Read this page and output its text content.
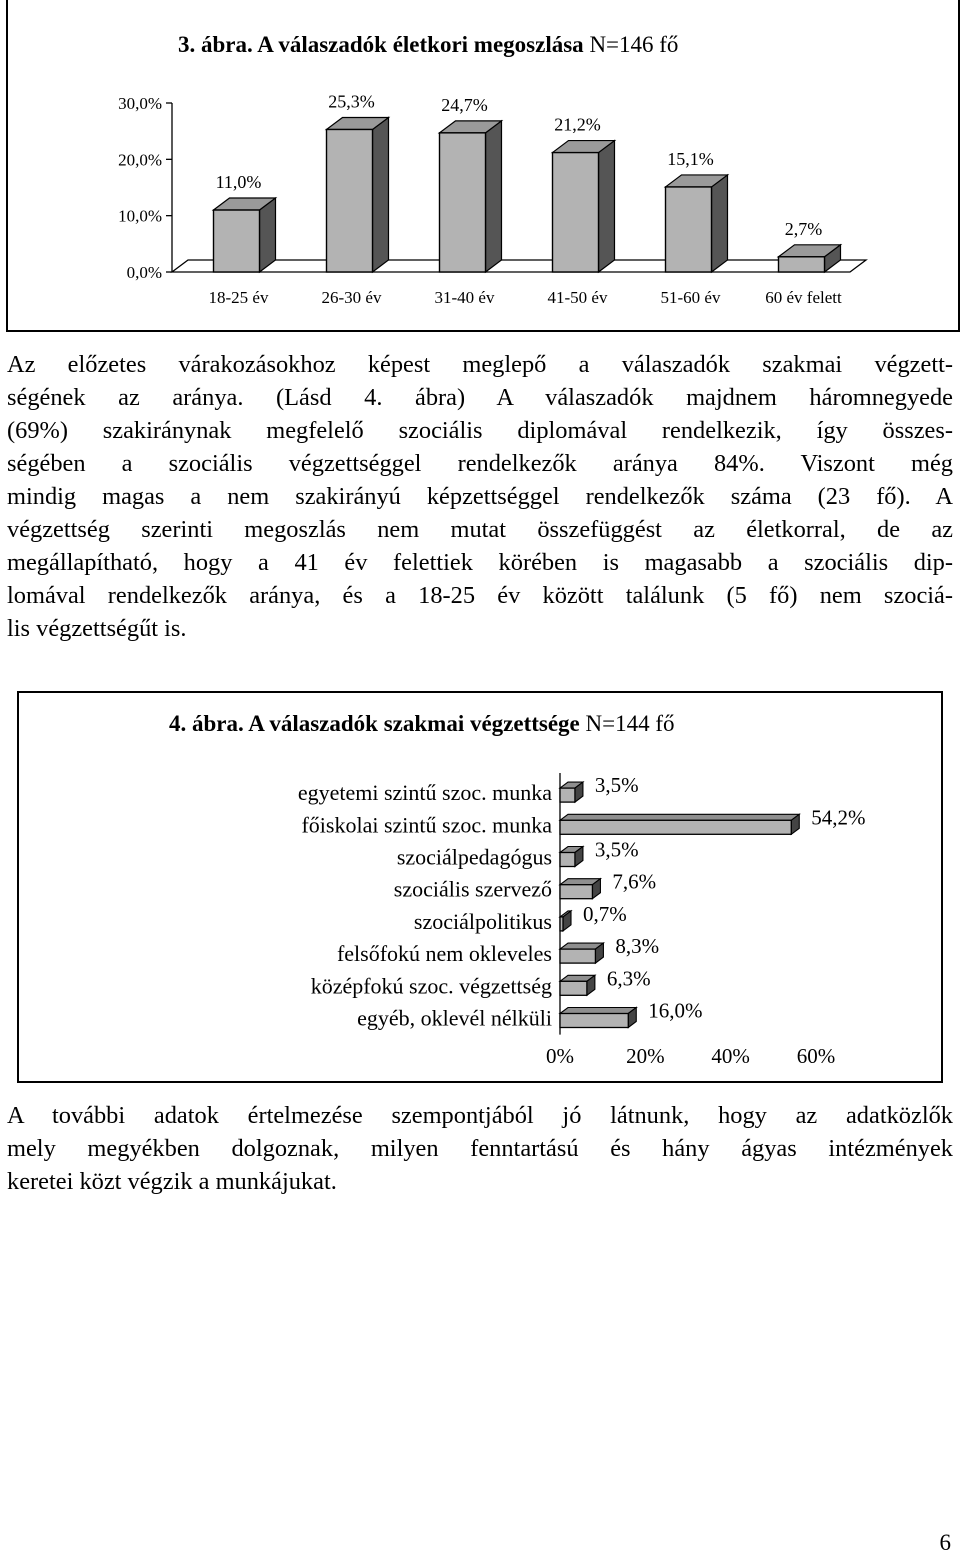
3. ábra. A válaszadók életkori megoszlása N=146 fő
0,0%
10,0%
20,0%
30,0%
11,0%
18-25 év
25,3%
26-30 év
24,7%
31-40 év
21,2%
41-50 év
15,1%
51-60 év
2,7%
60 év felett
Az előzetes várakozásokhoz képest meglepő a válaszadók szakmai végzett-
ségének az aránya. (Lásd 4. ábra) A válaszadók majdnem háromnegyede
(69%) szakiránynak megfelelő szociális diplomával rendelkezik, így összes-
ségében a szociális végzettséggel rendelkezők aránya 84%. Viszont még
mindig magas a nem szakirányú képzettséggel rendelkezők száma (23 fő). A
végzettség szerinti megoszlás nem mutat összefüggést az életkorral, de az
megállapítható, hogy a 41 év felettiek körében is magasabb a szociális dip-
lomával rendelkezők aránya, és a 18-25 év között találunk (5 fő) nem szociá-
lis végzettségűt is.
4. ábra. A válaszadók szakmai végzettsége N=144 fő
egyetemi szintű szoc. munka 3,5%
főiskolai szintű szoc. munka	54,2%
szociálpedagógus 3,5%
szociális szervező	7,6%
szociálpolitikus 0,7%
felsőfokú nem okleveles	8,3%
középfokú szoc. végzettség	6,3%
egyéb, oklevél nélküli	16,0%
0% 20% 40% 60%
A további adatok értelmezése szempontjából jó látnunk, hogy az adatközlők
mely megyékben dolgoznak, milyen fenntartású és hány ágyas intézmények
keretei közt végzik a munkájukat.
6
